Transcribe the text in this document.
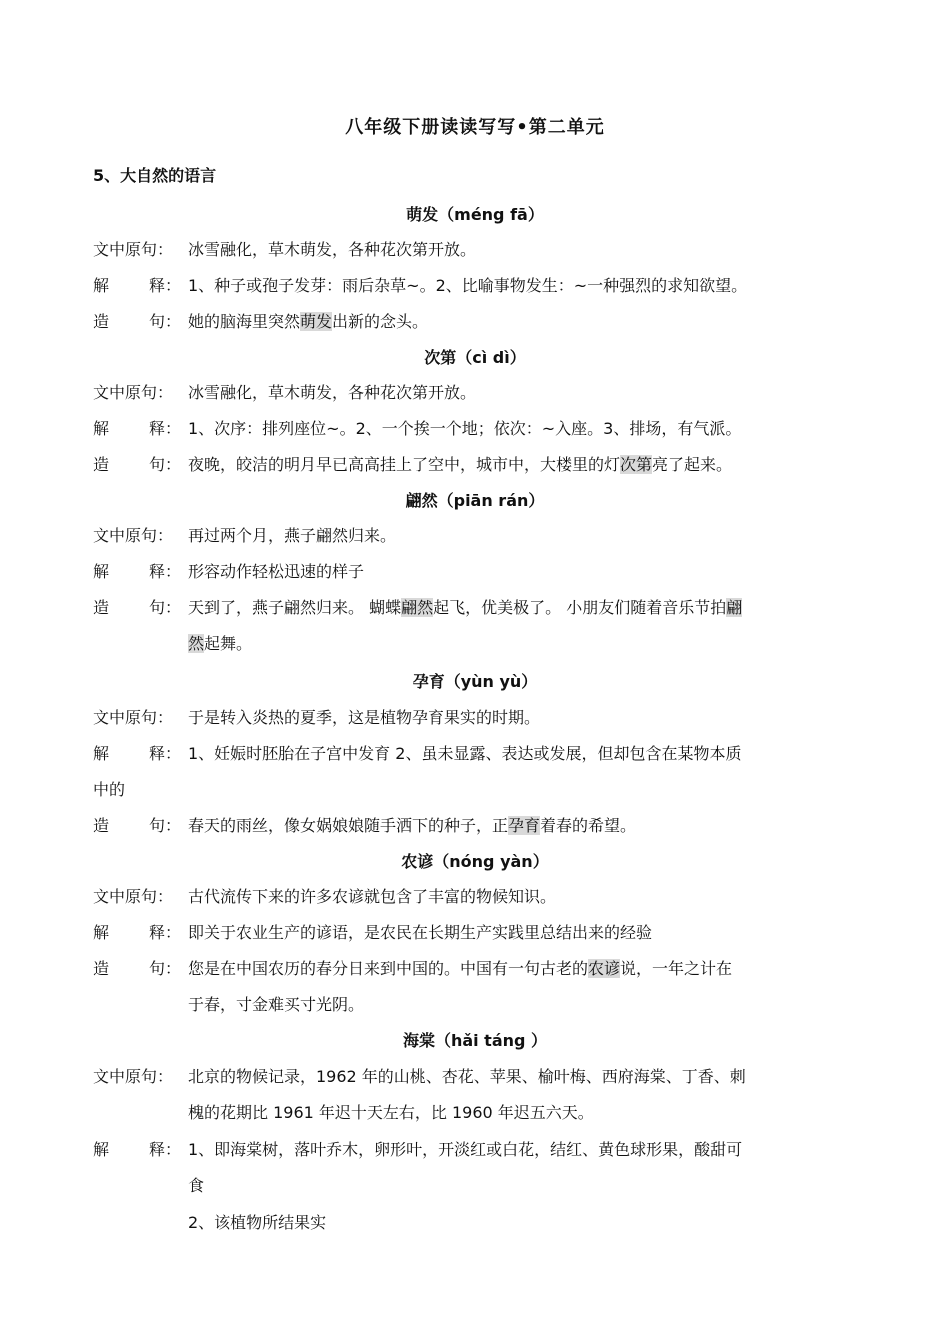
八年级下册读读写写•第二单元
5、大自然的语言
萌发（méng fā）
文中原句： 冰雪融化，草木萌发，各种花次第开放。
解 释： 1、种子或孢子发芽：雨后杂草~。2、比喻事物发生：~一种强烈的求知欲望。
造 句： 她的脑海里突然萌发出新的念头。
次第（cì dì）
文中原句： 冰雪融化，草木萌发，各种花次第开放。
解 释： 1、次序：排列座位~。2、一个挨一个地；依次：~入座。3、排场，有气派。
造 句： 夜晚，皎洁的明月早已高高挂上了空中，城市中，大楼里的灯次第亮了起来。
翩然（piān rán）
文中原句： 再过两个月，燕子翩然归来。
解 释： 形容动作轻松迅速的样子
造 句： 天到了，燕子翩然归来。 蝴蝶翩然起飞，优美极了。 小朋友们随着音乐节拍翩
然起舞。
孕育（yùn yù）
文中原句： 于是转入炎热的夏季，这是植物孕育果实的时期。
解 释： 1、妊娠时胚胎在子宫中发育 2、虽未显露、表达或发展，但却包含在某物本质
中的
造 句： 春天的雨丝，像女娲娘娘随手洒下的种子，正孕育着春的希望。
农谚（nóng yàn）
文中原句： 古代流传下来的许多农谚就包含了丰富的物候知识。
解 释： 即关于农业生产的谚语，是农民在长期生产实践里总结出来的经验
造 句： 您是在中国农历的春分日来到中国的。中国有一句古老的农谚说，一年之计在
于春，寸金难买寸光阴。
海棠（hǎi táng ）
文中原句： 北京的物候记录，1962 年的山桃、杏花、苹果、榆叶梅、西府海棠、丁香、刺
槐的花期比 1961 年迟十天左右，比 1960 年迟五六天。
解 释： 1、即海棠树，落叶乔木，卵形叶，开淡红或白花，结红、黄色球形果，酸甜可
食
2、该植物所结果实
